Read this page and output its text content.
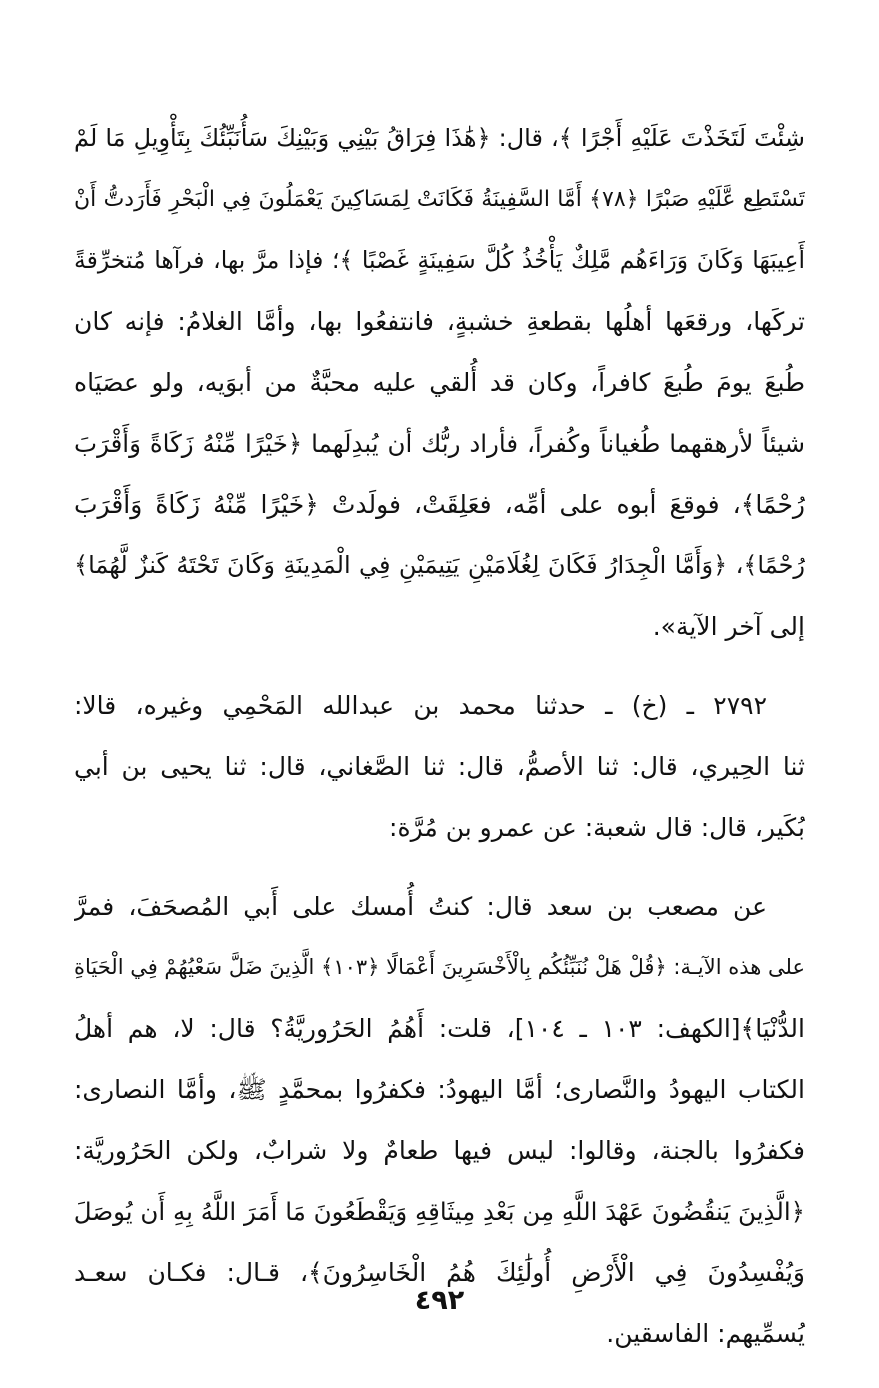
شِئْتَ لَتَخَذْتَ عَلَيْهِ أَجْرًا ﴾، قال: ﴿هَٰذَا فِرَاقُ بَيْنِي وَبَيْنِكَ سَأُنَبِّئُكَ بِتَأْوِيلِ مَا لَمْ
تَسْتَطِع عَّلَيْهِ صَبْرًا ﴿٧٨﴾ أَمَّا السَّفِينَةُ فَكَانَتْ لِمَسَاكِينَ يَعْمَلُونَ فِي الْبَحْرِ فَأَرَدتُّ أَنْ
أَعِيبَهَا وَكَانَ وَرَاءَهُم مَّلِكٌ يَأْخُذُ كُلَّ سَفِينَةٍ غَصْبًا ﴾؛ فإذا مرَّ بها، فرآها مُتخرِّقةً
تركَها، ورقعَها أهلُها بقطعةِ خشبةٍ، فانتفعُوا بها، وأمَّا الغلامُ: فإنه كان
طُبعَ يومَ طُبعَ كافراً، وكان قد أُلقي عليه محبَّةٌ من أبوَيه، ولو عصَيَاه
شيئاً لأرهقهما طُغياناً وكُفراً، فأراد ربُّك أن يُبدِلَهما ﴿خَيْرًا مِّنْهُ زَكَاةً وَأَقْرَبَ
رُحْمًا﴾، فوقعَ أبوه على أمِّه، فعَلِقَتْ، فولَدتْ ﴿خَيْرًا مِّنْهُ زَكَاةً وَأَقْرَبَ
رُحْمًا﴾، ﴿وَأَمَّا الْجِدَارُ فَكَانَ لِغُلَامَيْنِ يَتِيمَيْنِ فِي الْمَدِينَةِ وَكَانَ تَحْتَهُ كَنزٌ لَّهُمَا﴾
إلى آخر الآية».
٢٧٩٢ ـ (خ) ـ حدثنا محمد بن عبدالله المَحْمِي وغيره، قالا:
ثنا الحِيري، قال: ثنا الأصمُّ، قال: ثنا الصَّغاني، قال: ثنا يحيى بن أبي
بُكَير، قال: قال شعبة: عن عمرو بن مُرَّة:
عن مصعب بن سعد قال: كنتُ أُمسك على أَبي المُصحَفَ، فمرَّ
على هذه الآيـة: ﴿قُلْ هَلْ نُنَبِّئُكُم بِالْأَخْسَرِينَ أَعْمَالًا ﴿١٠٣﴾ الَّذِينَ ضَلَّ سَعْيُهُمْ فِي الْحَيَاةِ
الدُّنْيَا﴾[الكهف: ١٠٣ ـ ١٠٤]، قلت: أَهُمُ الحَرُوريَّةُ؟ قال: لا، هم أهلُ
الكتاب اليهودُ والنَّصارى؛ أمَّا اليهودُ: فكفرُوا بمحمَّدٍ ﷺ، وأمَّا النصارى:
فكفرُوا بالجنة، وقالوا: ليس فيها طعامٌ ولا شرابٌ، ولكن الحَرُوريَّة:
﴿الَّذِينَ يَنقُضُونَ عَهْدَ اللَّهِ مِن بَعْدِ مِيثَاقِهِ وَيَقْطَعُونَ مَا أَمَرَ اللَّهُ بِهِ أَن يُوصَلَ
وَيُفْسِدُونَ فِي الْأَرْضِ أُولَٰئِكَ هُمُ الْخَاسِرُونَ﴾، قـال: فكـان سعـد
يُسمِّيهم: الفاسقين.
٤٩٢
